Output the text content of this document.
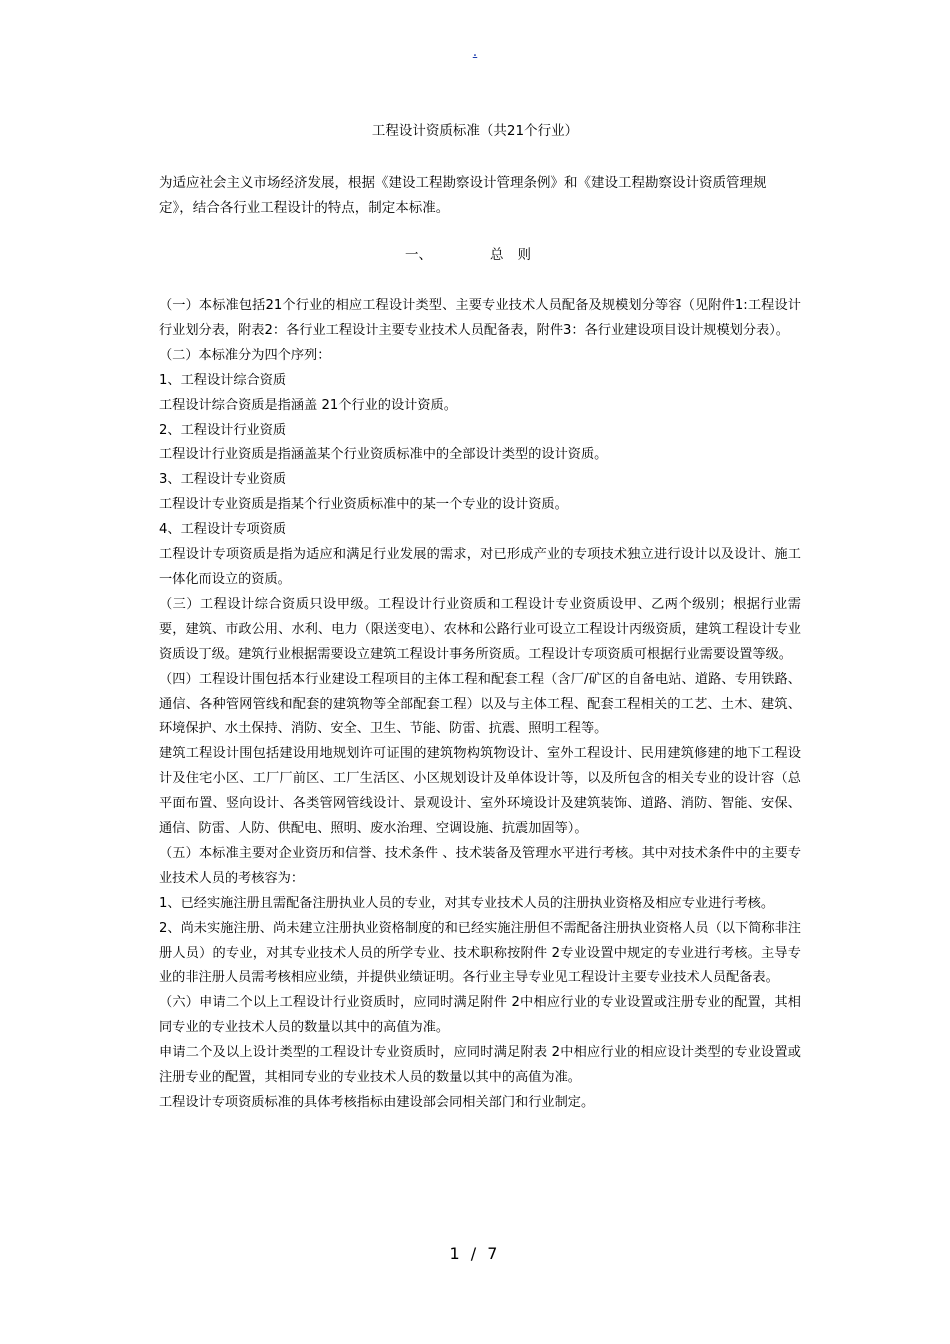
.
工程设计资质标准（共21个行业）
为适应社会主义市场经济发展，根据《建设工程勘察设计管理条例》和《建设工程勘察设计资质管理规定》，结合各行业工程设计的特点，制定本标准。
一、	总则

（一）本标准包括21个行业的相应工程设计类型、主要专业技术人员配备及规模划分等容（见附件1:工程设计行业划分表，附表2：各行业工程设计主要专业技术人员配备表，附件3：各行业建设项目设计规模划分表）。

（二）本标准分为四个序列：

1、工程设计综合资质

工程设计综合资质是指涵盖 21个行业的设计资质。

2、工程设计行业资质

工程设计行业资质是指涵盖某个行业资质标准中的全部设计类型的设计资质。

3、工程设计专业资质

工程设计专业资质是指某个行业资质标准中的某一个专业的设计资质。

4、工程设计专项资质

工程设计专项资质是指为适应和满足行业发展的需求，对已形成产业的专项技术独立进行设计以及设计、施工一体化而设立的资质。

（三）工程设计综合资质只设甲级。工程设计行业资质和工程设计专业资质设甲、乙两个级别；根据行业需要，建筑、市政公用、水利、电力（限送变电）、农林和公路行业可设立工程设计丙级资质，建筑工程设计专业资质设丁级。建筑行业根据需要设立建筑工程设计事务所资质。工程设计专项资质可根据行业需要设置等级。

（四）工程设计围包括本行业建设工程项目的主体工程和配套工程（含厂/矿区的自备电站、道路、专用铁路、通信、各种管网管线和配套的建筑物等全部配套工程）以及与主体工程、配套工程相关的工艺、土木、建筑、环境保护、水土保持、消防、安全、卫生、节能、防雷、抗震、照明工程等。

建筑工程设计围包括建设用地规划许可证围的建筑物构筑物设计、室外工程设计、民用建筑修建的地下工程设计及住宅小区、工厂厂前区、工厂生活区、小区规划设计及单体设计等，以及所包含的相关专业的设计容（总平面布置、竖向设计、各类管网管线设计、景观设计、室外环境设计及建筑装饰、道路、消防、智能、安保、通信、防雷、人防、供配电、照明、废水治理、空调设施、抗震加固等）。

（五）本标准主要对企业资历和信誉、技术条件 、技术装备及管理水平进行考核。其中对技术条件中的主要专业技术人员的考核容为：

1、已经实施注册且需配备注册执业人员的专业，对其专业技术人员的注册执业资格及相应专业进行考核。

2、尚未实施注册、尚未建立注册执业资格制度的和已经实施注册但不需配备注册执业资格人员（以下简称非注册人员）的专业，对其专业技术人员的所学专业、技术职称按附件 2专业设置中规定的专业进行考核。主导专业的非注册人员需考核相应业绩，并提供业绩证明。各行业主导专业见工程设计主要专业技术人员配备表。

（六）申请二个以上工程设计行业资质时，应同时满足附件 2中相应行业的专业设置或注册专业的配置，其相同专业的专业技术人员的数量以其中的高值为准。

申请二个及以上设计类型的工程设计专业资质时，应同时满足附表 2中相应行业的相应设计类型的专业设置或注册专业的配置，其相同专业的专业技术人员的数量以其中的高值为准。

工程设计专项资质标准的具体考核指标由建设部会同相关部门和行业制定。

1 / 7
